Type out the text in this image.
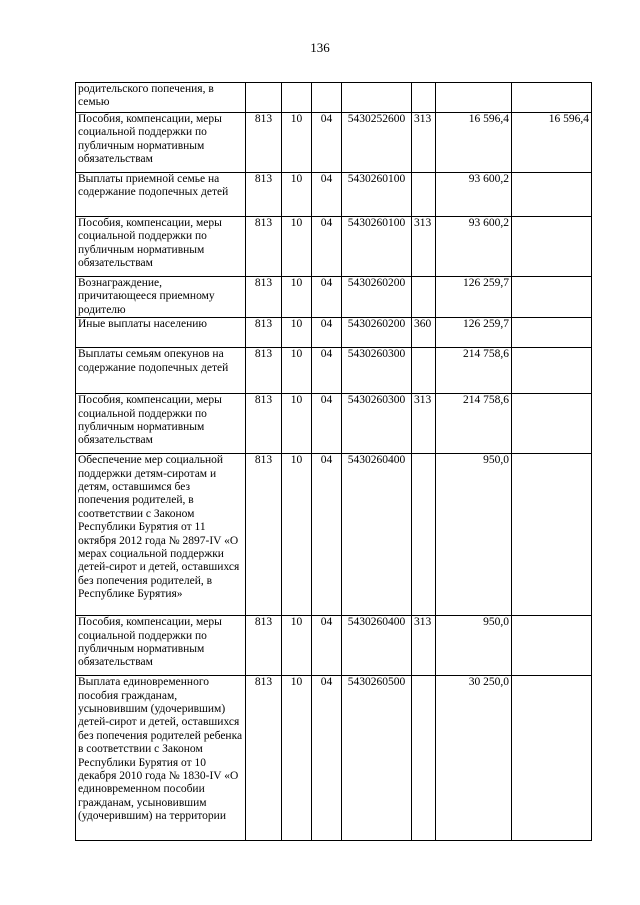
136
родительского попечения, в семью							
Пособия, компенсации, меры социальной поддержки по публичным нормативным обязательствам	813	10	04	5430252600	313	16 596,4	16 596,4
Выплаты приемной семье на содержание подопечных детей	813	10	04	5430260100		93 600,2	
Пособия, компенсации, меры социальной поддержки по публичным нормативным обязательствам	813	10	04	5430260100	313	93 600,2	
Вознаграждение, причитающееся приемному родителю	813	10	04	5430260200		126 259,7	
Иные выплаты населению	813	10	04	5430260200	360	126 259,7	
Выплаты семьям опекунов на содержание подопечных детей	813	10	04	5430260300		214 758,6	
Пособия, компенсации, меры социальной поддержки по публичным нормативным обязательствам	813	10	04	5430260300	313	214 758,6	
Обеспечение мер социальной поддержки детям-сиротам и детям, оставшимся без попечения родителей, в соответствии с Законом Республики Бурятия от 11 октября 2012 года № 2897-IV «О мерах социальной поддержки детей-сирот и детей, оставшихся без попечения родителей, в Республике Бурятия»	813	10	04	5430260400		950,0	
Пособия, компенсации, меры социальной поддержки по публичным нормативным обязательствам	813	10	04	5430260400	313	950,0	
Выплата единовременного пособия гражданам, усыновившим (удочерившим) детей-сирот и детей, оставшихся без попечения родителей ребенка в соответствии с Законом Республики Бурятия от 10 декабря 2010 года № 1830-IV «О единовременном пособии гражданам, усыновившим (удочерившим) на территории	813	10	04	5430260500		30 250,0	
